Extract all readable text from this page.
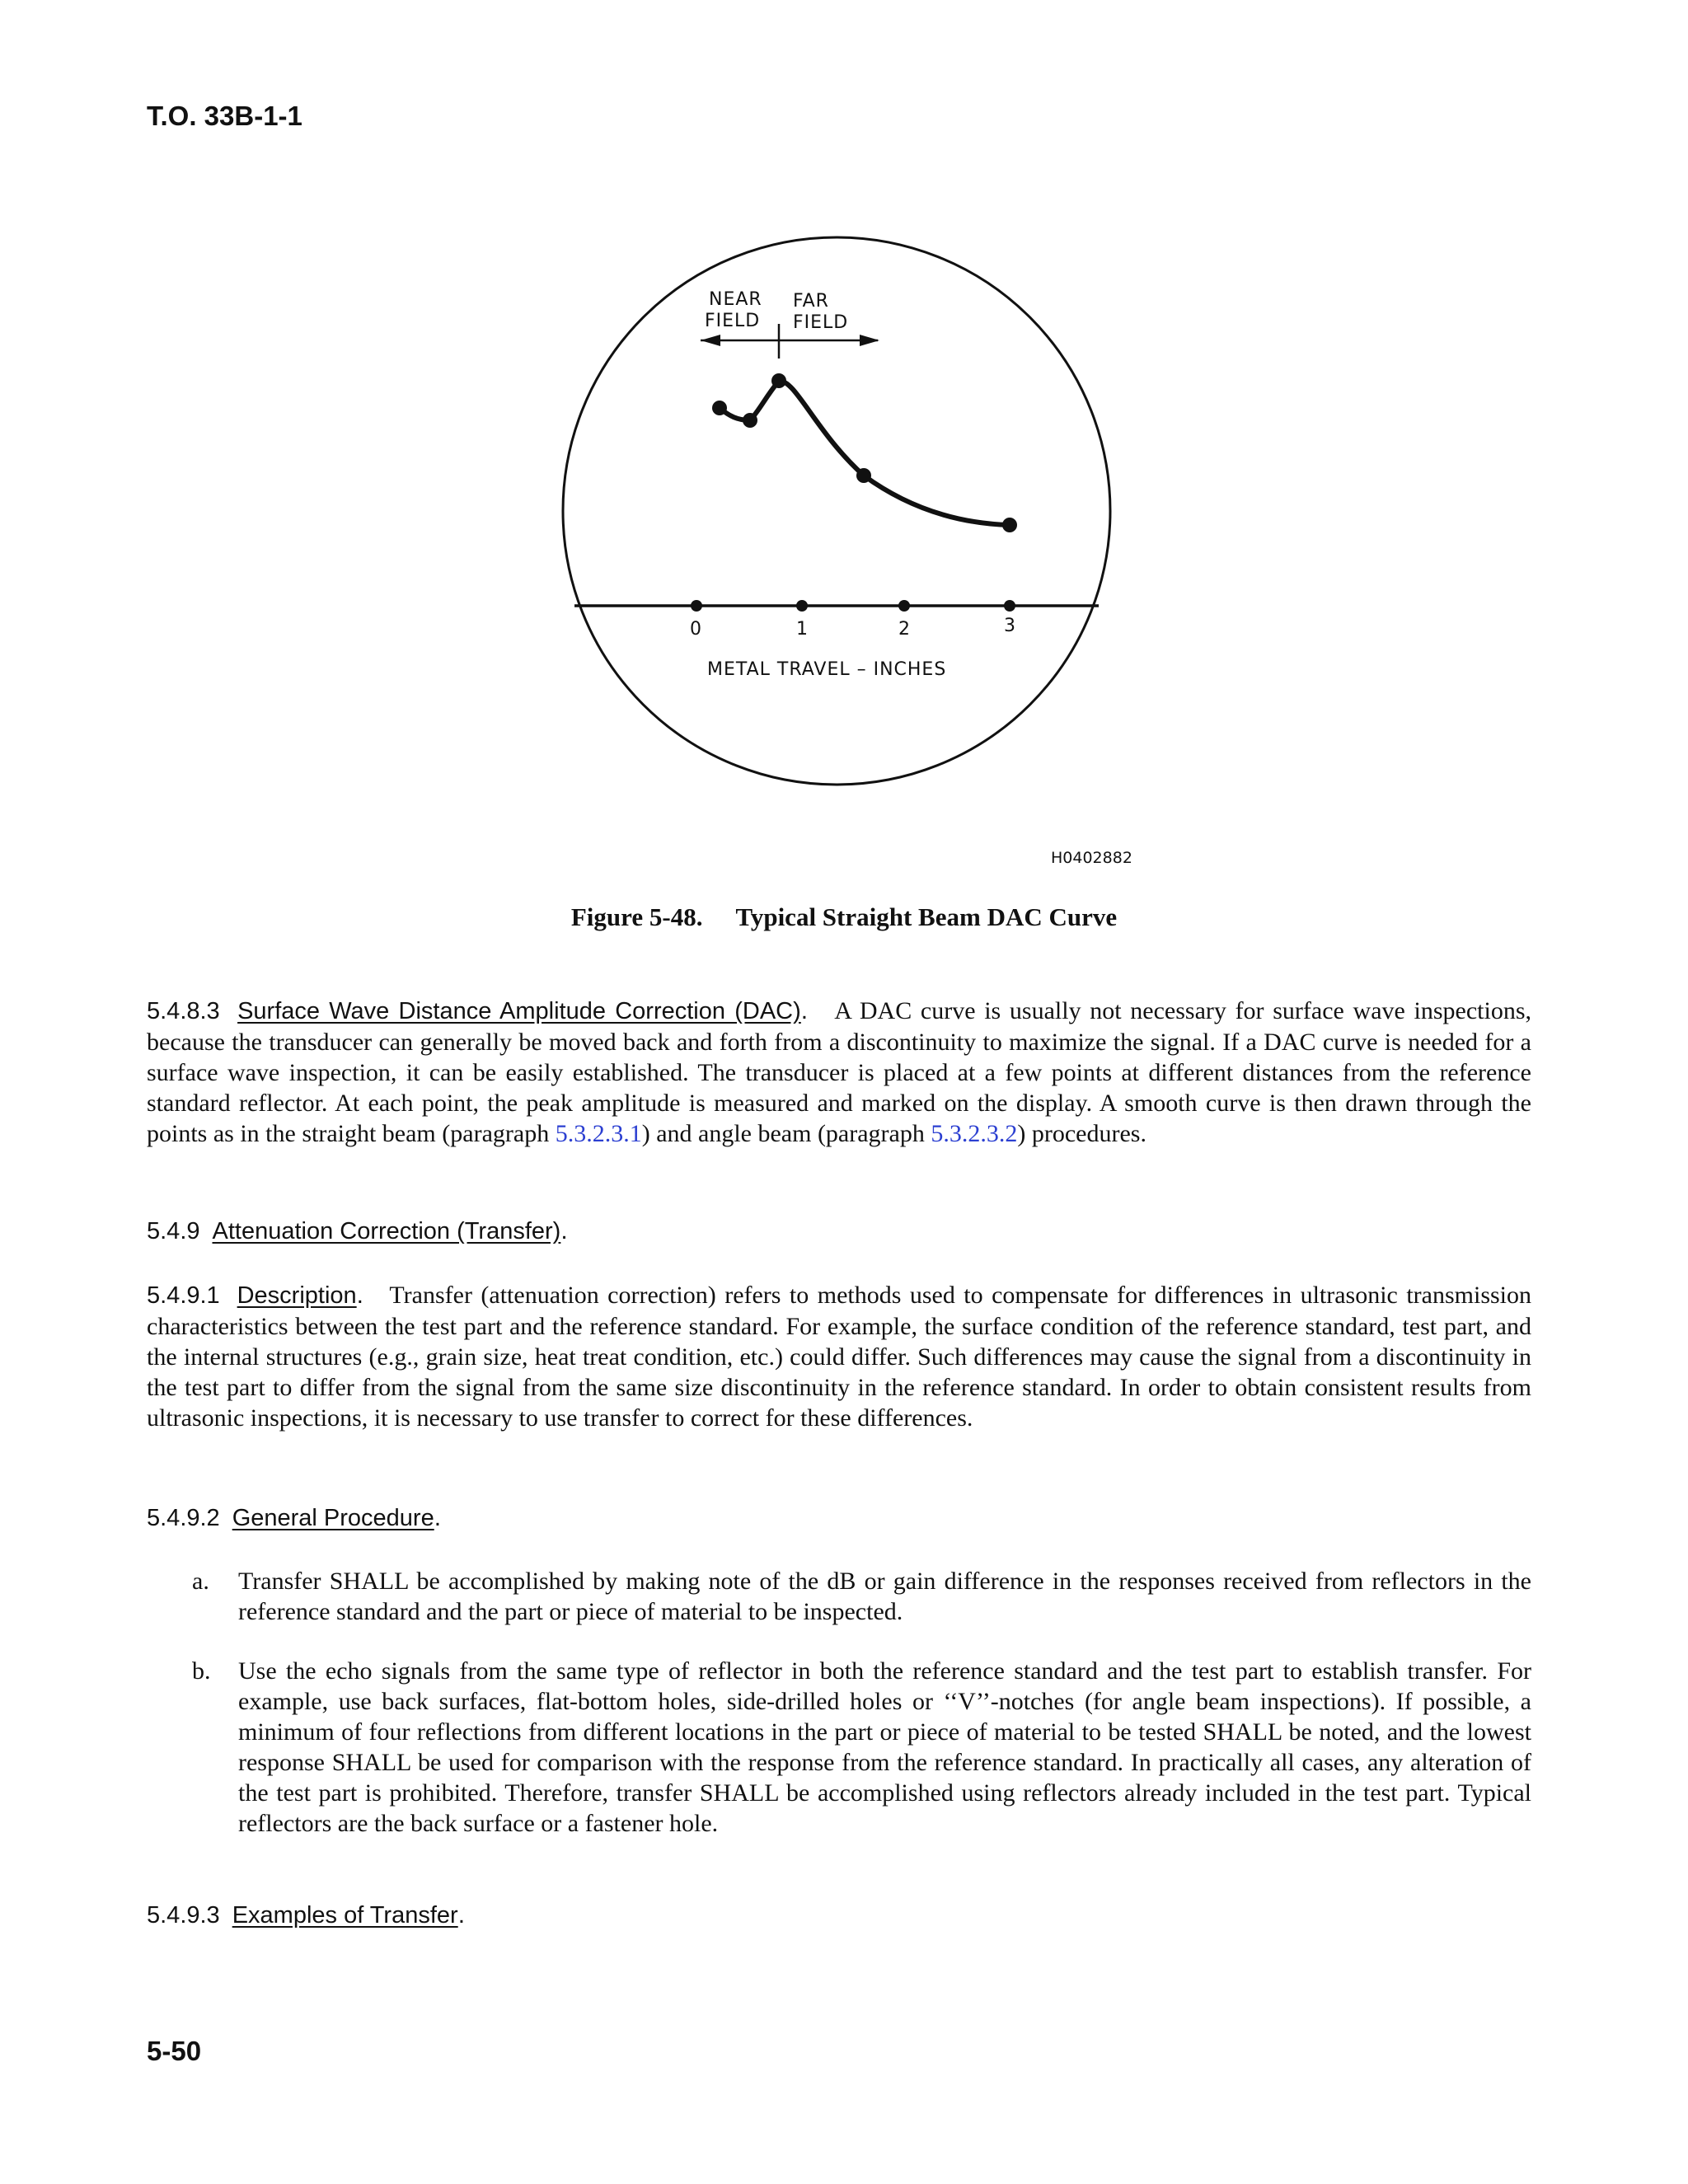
T.O. 33B-1-1
NEAR
FIELD
FAR
FIELD
0	1	2	3
METAL TRAVEL – INCHES
H0402882
Figure 5-48. Typical Straight Beam DAC Curve
5.4.8.3 Surface Wave Distance Amplitude Correction (DAC). A DAC curve is usually not necessary for surface wave inspections, because the transducer can generally be moved back and forth from a discontinuity to maximize the signal. If a DAC curve is needed for a surface wave inspection, it can be easily established. The transducer is placed at a few points at different distances from the reference standard reflector. At each point, the peak amplitude is measured and marked on the display. A smooth curve is then drawn through the points as in the straight beam (paragraph 5.3.2.3.1) and angle beam (paragraph 5.3.2.3.2) procedures.
5.4.9 Attenuation Correction (Transfer).
5.4.9.1 Description. Transfer (attenuation correction) refers to methods used to compensate for differences in ultrasonic transmission characteristics between the test part and the reference standard. For example, the surface condition of the reference standard, test part, and the internal structures (e.g., grain size, heat treat condition, etc.) could differ. Such differences may cause the signal from a discontinuity in the test part to differ from the signal from the same size discontinuity in the reference standard. In order to obtain consistent results from ultrasonic inspections, it is necessary to use transfer to correct for these differences.
5.4.9.2 General Procedure.
a. Transfer SHALL be accomplished by making note of the dB or gain difference in the responses received from reflectors in the reference standard and the part or piece of material to be inspected.
b. Use the echo signals from the same type of reflector in both the reference standard and the test part to establish transfer. For example, use back surfaces, flat-bottom holes, side-drilled holes or ‘‘V’’-notches (for angle beam inspections). If possible, a minimum of four reflections from different locations in the part or piece of material to be tested SHALL be noted, and the lowest response SHALL be used for comparison with the response from the reference standard. In practically all cases, any alteration of the test part is prohibited. Therefore, transfer SHALL be accomplished using reflectors already included in the test part. Typical reflectors are the back surface or a fastener hole.
5.4.9.3 Examples of Transfer.
5-50
